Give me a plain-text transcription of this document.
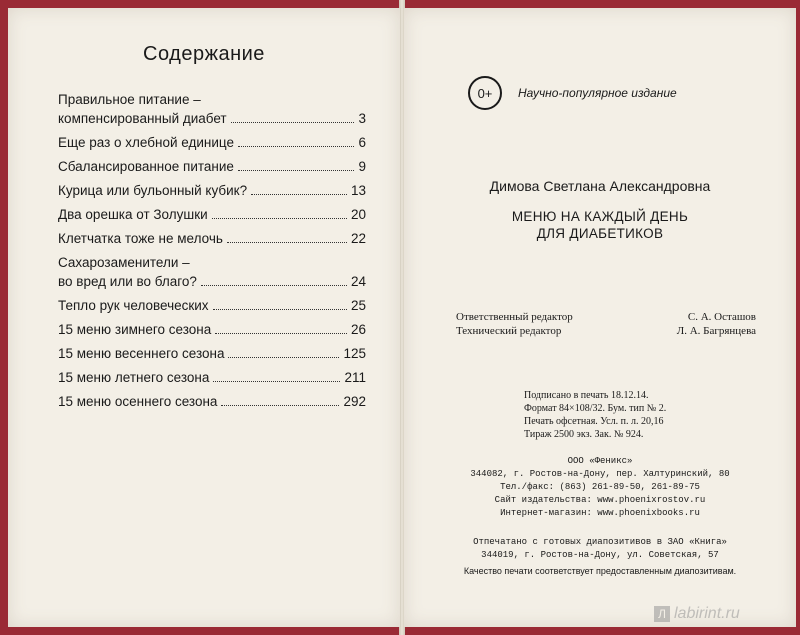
Содержание
Правильное питание –
компенсированный диабет	3
Еще раз о хлебной единице	6
Сбалансированное питание	9
Курица или бульонный кубик?	13
Два орешка от Золушки	20
Клетчатка тоже не мелочь	22
Сахарозаменители –
во вред или во благо?	24
Тепло рук человеческих	25
15 меню зимнего сезона	26
15 меню весеннего сезона	125
15 меню летнего сезона	211
15 меню осеннего сезона	292
0+	Научно-популярное издание
Димова Светлана Александровна
МЕНЮ НА КАЖДЫЙ ДЕНЬ
ДЛЯ ДИАБЕТИКОВ
Ответственный редактор	С. А. Осташов
Технический редактор	Л. А. Багрянцева
Подписано в печать 18.12.14.
Формат 84×108/32. Бум. тип № 2.
Печать офсетная. Усл. п. л. 20,16
Тираж 2500 экз. Зак. № 924.
ООО «Феникс»
344082, г. Ростов-на-Дону, пер. Халтуринский, 80
Тел./факс: (863) 261-89-50, 261-89-75
Сайт издательства: www.phoenixrostov.ru
Интернет-магазин: www.phoenixbooks.ru
Отпечатано с готовых диапозитивов в ЗАО «Книга»
344019, г. Ростов-на-Дону, ул. Советская, 57
Качество печати соответствует предоставленным диапозитивам.
Л labirint.ru
